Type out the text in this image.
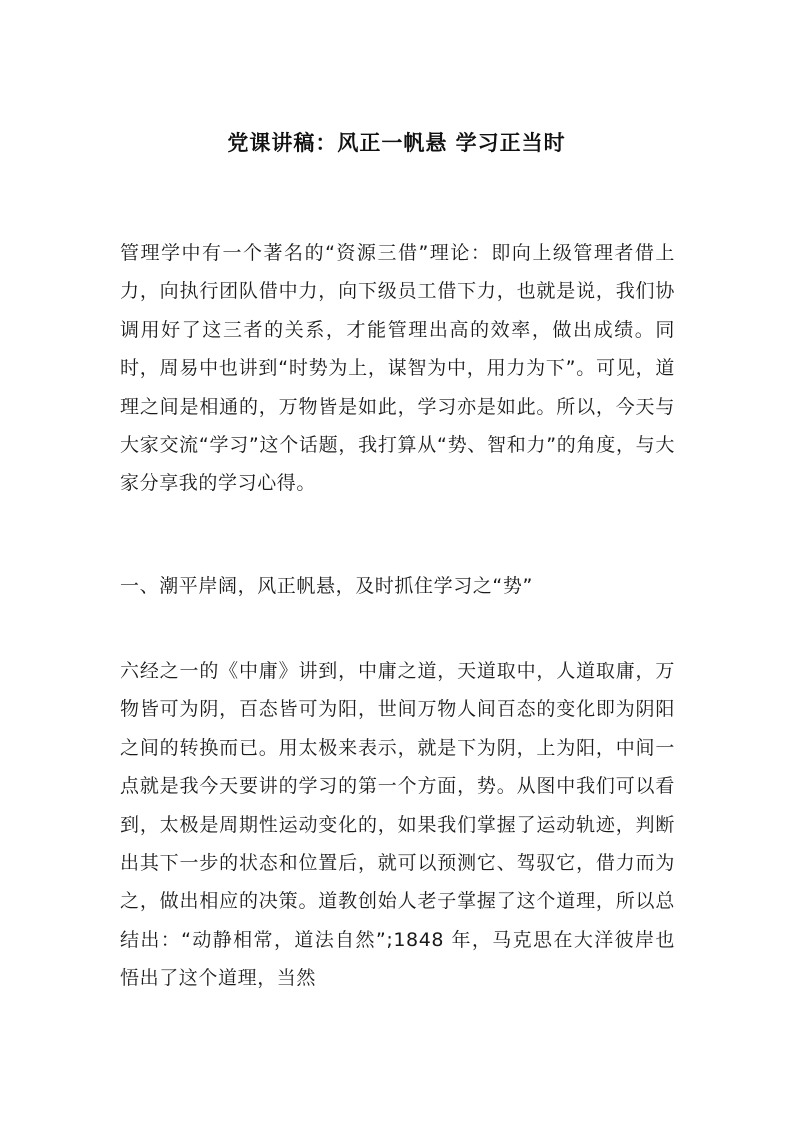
党课讲稿：风正一帆悬 学习正当时

管理学中有一个著名的“资源三借”理论：即向上级管理者借上力，向执行团队借中力，向下级员工借下力，也就是说，我们协调用好了这三者的关系，才能管理出高的效率，做出成绩。同时，周易中也讲到“时势为上，谋智为中，用力为下”。可见，道理之间是相通的，万物皆是如此，学习亦是如此。所以，今天与大家交流“学习”这个话题，我打算从“势、智和力”的角度，与大家分享我的学习心得。

一、潮平岸阔，风正帆悬，及时抓住学习之“势”

六经之一的《中庸》讲到，中庸之道，天道取中，人道取庸，万物皆可为阴，百态皆可为阳，世间万物人间百态的变化即为阴阳之间的转换而已。用太极来表示，就是下为阴，上为阳，中间一点就是我今天要讲的学习的第一个方面，势。从图中我们可以看到，太极是周期性运动变化的，如果我们掌握了运动轨迹，判断出其下一步的状态和位置后，就可以预测它、驾驭它，借力而为之，做出相应的决策。道教创始人老子掌握了这个道理，所以总结出：“动静相常，道法自然”;1848 年，马克思在大洋彼岸也悟出了这个道理，当然
